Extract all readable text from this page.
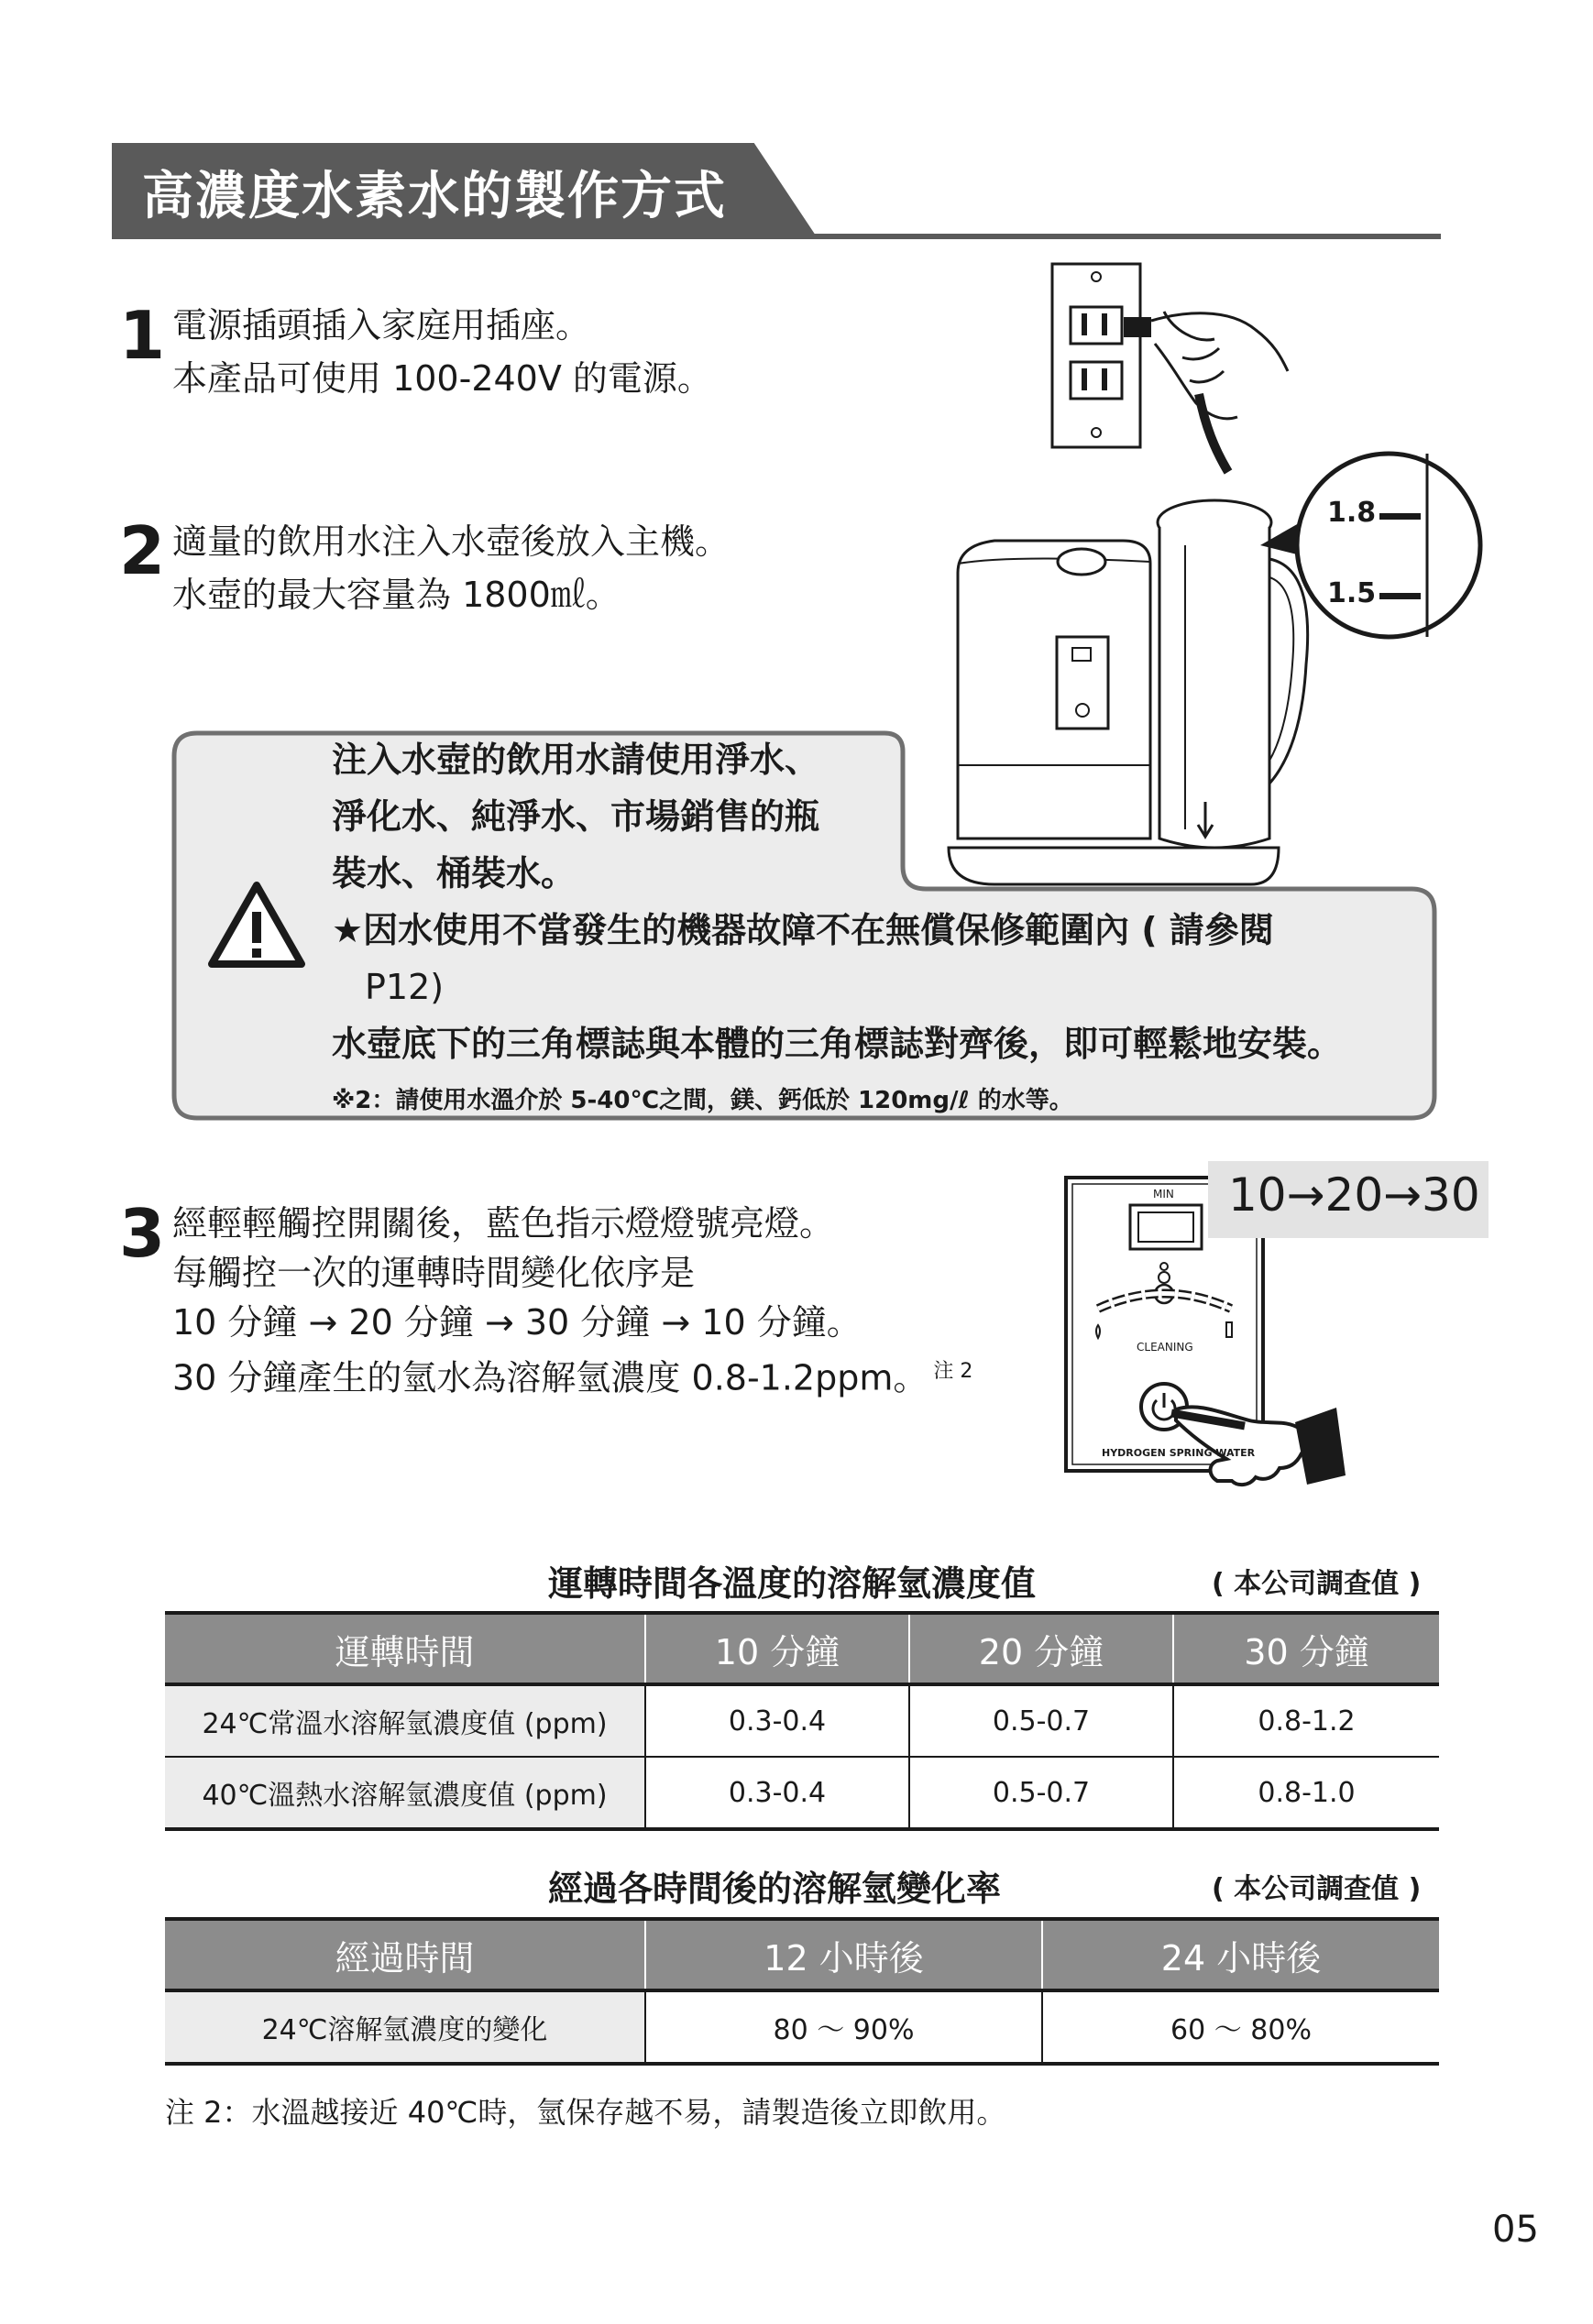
高濃度水素水的製作方式
1 電源插頭插入家庭用插座。
本產品可使用 100-240V 的電源。
2 適量的飲用水注入水壺後放入主機。
水壺的最大容量為 1800㎖。
1.8
1.5
注入水壺的飲用水請使用淨水、
淨化水、純淨水、市場銷售的瓶
裝水、桶裝水。
★因水使用不當發生的機器故障不在無償保修範圍內 ( 請參閱
P12)
水壺底下的三角標誌與本體的三角標誌對齊後，即可輕鬆地安裝。
※2：請使用水溫介於 5-40℃之間，鎂、鈣低於 120mg/ℓ 的水等。
3 經輕輕觸控開關後，藍色指示燈燈號亮燈。
每觸控一次的運轉時間變化依序是
10 分鐘 → 20 分鐘 → 30 分鐘 → 10 分鐘。
30 分鐘產生的氫水為溶解氫濃度 0.8-1.2ppm。 $^{注 2}$
MIN
CLEANING
HYDROGEN SPRING WATER
10→20→30
運轉時間各溫度的溶解氫濃度值	( 本公司調查值 )
運轉時間	10 分鐘	20 分鐘	30 分鐘
24℃常溫水溶解氫濃度值 (ppm)	0.3-0.4	0.5-0.7	0.8-1.2
40℃溫熱水溶解氫濃度值 (ppm)	0.3-0.4	0.5-0.7	0.8-1.0
經過各時間後的溶解氫變化率	( 本公司調查值 )
經過時間	12 小時後	24 小時後
24℃溶解氫濃度的變化	80 ～ 90%	60 ～ 80%
注 2：水溫越接近 40℃時，氫保存越不易，請製造後立即飲用。
05
